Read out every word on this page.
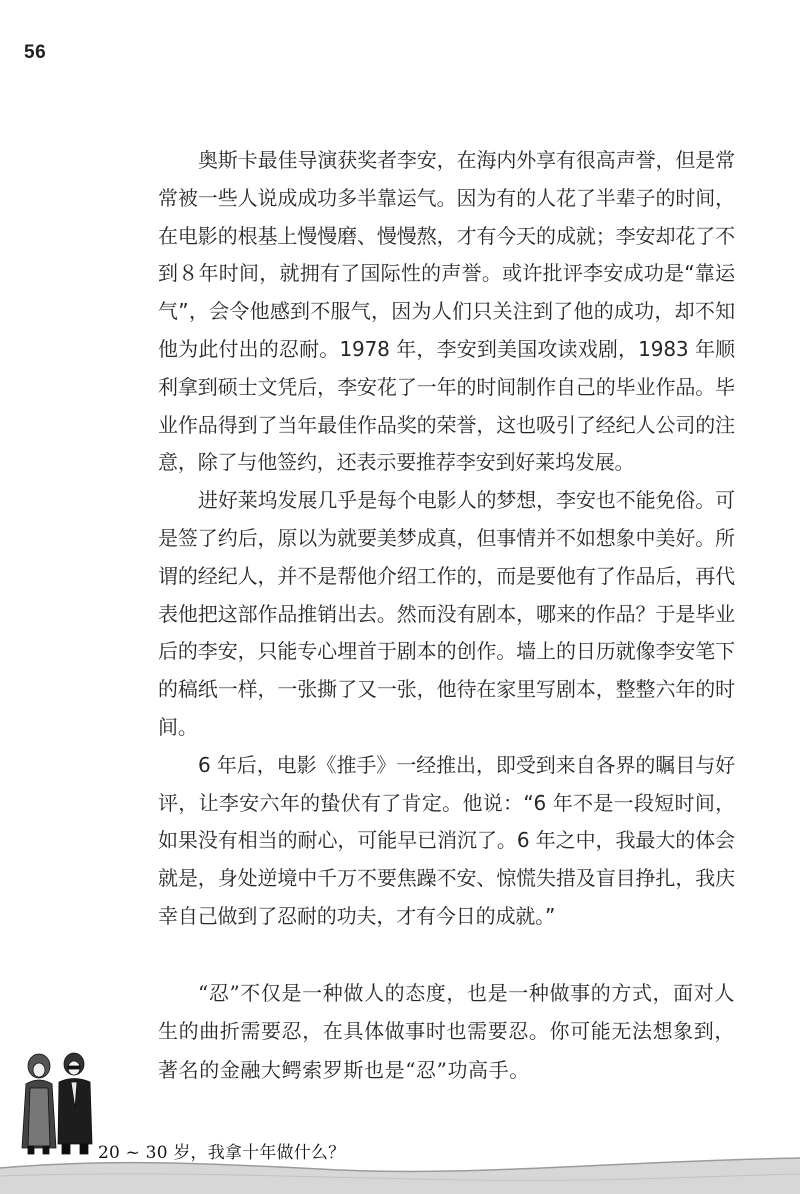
56

奥斯卡最佳导演获奖者李安，在海内外享有很高声誉，但是常常被一些人说成成功多半靠运气。因为有的人花了半辈子的时间，在电影的根基上慢慢磨、慢慢熬，才有今天的成就；李安却花了不到８年时间，就拥有了国际性的声誉。或许批评李安成功是“靠运气”，会令他感到不服气，因为人们只关注到了他的成功，却不知他为此付出的忍耐。1978 年，李安到美国攻读戏剧，1983 年顺利拿到硕士文凭后，李安花了一年的时间制作自己的毕业作品。毕业作品得到了当年最佳作品奖的荣誉，这也吸引了经纪人公司的注意，除了与他签约，还表示要推荐李安到好莱坞发展。

进好莱坞发展几乎是每个电影人的梦想，李安也不能免俗。可是签了约后，原以为就要美梦成真，但事情并不如想象中美好。所谓的经纪人，并不是帮他介绍工作的，而是要他有了作品后，再代表他把这部作品推销出去。然而没有剧本，哪来的作品？于是毕业后的李安，只能专心埋首于剧本的创作。墙上的日历就像李安笔下的稿纸一样，一张撕了又一张，他待在家里写剧本，整整六年的时间。

6 年后，电影《推手》一经推出，即受到来自各界的瞩目与好评，让李安六年的蛰伏有了肯定。他说：“6 年不是一段短时间，如果没有相当的耐心，可能早已消沉了。6 年之中，我最大的体会就是，身处逆境中千万不要焦躁不安、惊慌失措及盲目挣扎，我庆幸自己做到了忍耐的功夫，才有今日的成就。”

“忍”不仅是一种做人的态度，也是一种做事的方式，面对人生的曲折需要忍，在具体做事时也需要忍。你可能无法想象到，著名的金融大鳄索罗斯也是“忍”功高手。

20 ~ 30 岁，我拿十年做什么？
